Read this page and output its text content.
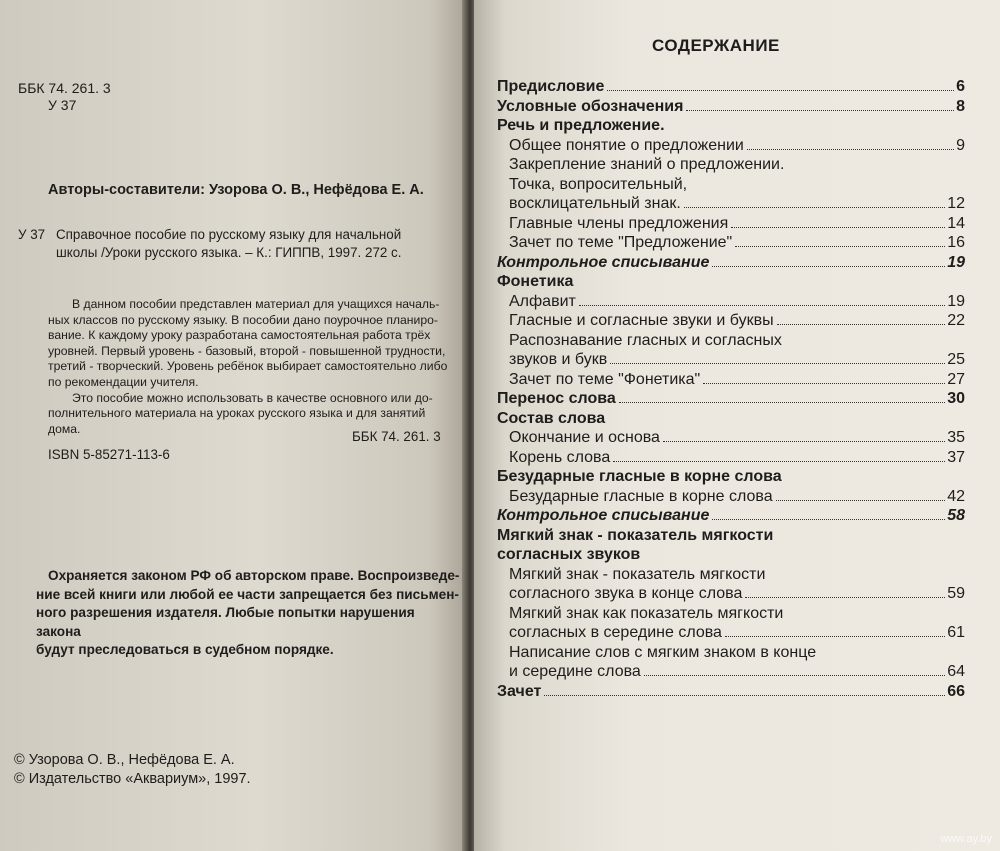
ББК 74. 261. 3

У 37

Авторы-составители: Узорова О. В., Нефёдова Е. А.

У 37 Справочное пособие по русскому языку для начальной

школы /Уроки русского языка. – К.: ГИППВ, 1997. 272 с.

В данном пособии представлен материал для учащихся началь-
ных классов по русскому языку. В пособии дано поурочное планиро-
вание. К каждому уроку разработана самостоятельная работа трёх
уровней. Первый уровень - базовый, второй - повышенной трудности,
третий - творческий. Уровень ребёнок выбирает самостоятельно либо
по рекомендации учителя.
Это пособие можно использовать в качестве основного или до-
полнительного материала на уроках русского языка и для занятий
дома.

ББК 74. 261. 3

ISBN 5-85271-113-6

Охраняется законом РФ об авторском праве. Воспроизведе-
ние всей книги или любой ее части запрещается без письмен-
ного разрешения издателя. Любые попытки нарушения закона
будут преследоваться в судебном порядке.

© Узорова О. В., Нефёдова Е. А.

© Издательство «Аквариум», 1997.

СОДЕРЖАНИЕ
Предисловие	6
Условные обозначения	8
Речь и предложение.
Общее понятие о предложении	9
Закрепление знаний о предложении.
Точка, вопросительный,
восклицательный знак.	12
Главные члены предложения	14
Зачет по теме "Предложение"	16
Контрольное списывание	19
Фонетика
Алфавит	19
Гласные и согласные звуки и буквы	22
Распознавание гласных и согласных
звуков и букв	25
Зачет по теме "Фонетика"	27
Перенос слова	30
Состав слова
Окончание и основа	35
Корень слова	37
Безударные гласные в корне слова
Безударные гласные в корне слова	42
Контрольное списывание	58
Мягкий знак - показатель мягкости
согласных звуков
Мягкий знак - показатель мягкости
согласного звука в конце слова	59
Мягкий знак как показатель мягкости
согласных в середине слова	61
Написание слов с мягким знаком в конце
и середине слова	64
Зачет	66
www.ay.by
